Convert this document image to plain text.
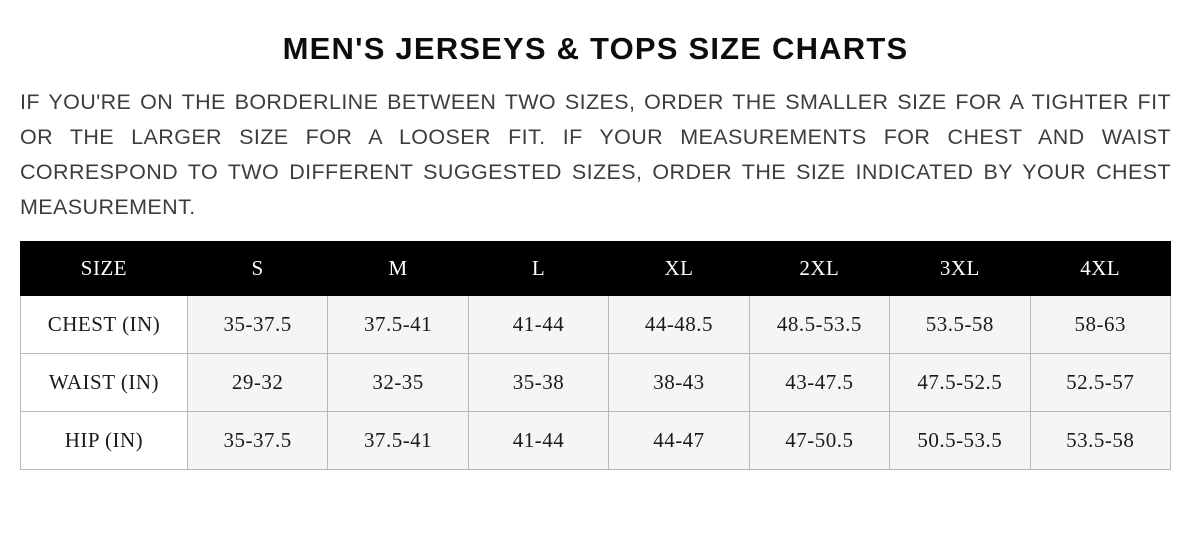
MEN'S JERSEYS & TOPS SIZE CHARTS

IF YOU'RE ON THE BORDERLINE BETWEEN TWO SIZES, ORDER THE SMALLER SIZE FOR A TIGHTER FIT OR THE LARGER SIZE FOR A LOOSER FIT. IF YOUR MEASUREMENTS FOR CHEST AND WAIST CORRESPOND TO TWO DIFFERENT SUGGESTED SIZES, ORDER THE SIZE INDICATED BY YOUR CHEST MEASUREMENT.

SIZE	S	M	L	XL	2XL	3XL	4XL
CHEST (IN)	35-37.5	37.5-41	41-44	44-48.5	48.5-53.5	53.5-58	58-63
WAIST (IN)	29-32	32-35	35-38	38-43	43-47.5	47.5-52.5	52.5-57
HIP (IN)	35-37.5	37.5-41	41-44	44-47	47-50.5	50.5-53.5	53.5-58
